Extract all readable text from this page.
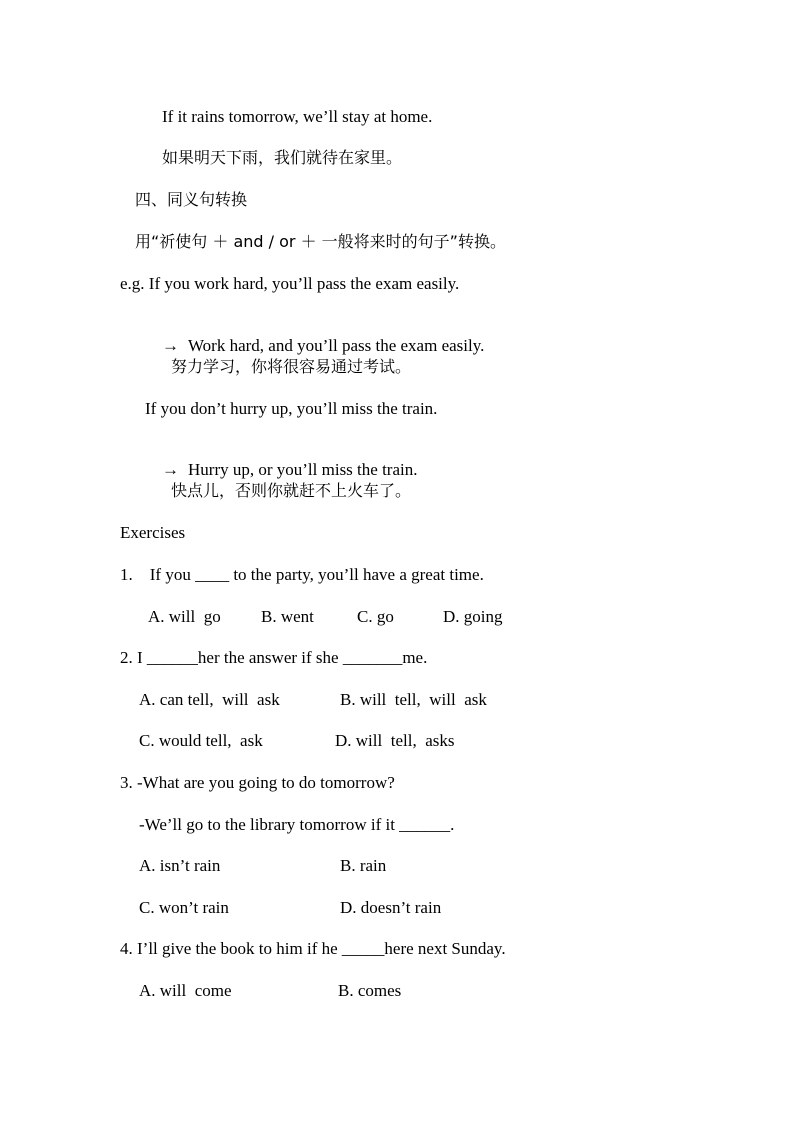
If it rains tomorrow, we’ll stay at home.
如果明天下雨，我们就待在家里。
四、同义句转换
用“祈使句 ＋ and / or ＋ 一般将来时的句子”转换。
e.g. If you work hard, you’ll pass the exam easily.

→ Work hard, and you’ll pass the exam easily.

努力学习，你将很容易通过考试。
If you don’t hurry up, you’ll miss the train.

→ Hurry up, or you’ll miss the train.

快点儿，否则你就赶不上火车了。
Exercises
1.    If you ____ to the party, you’ll have a great time.
A. will  go B. went	C. go	D. going
2. I ______her the answer if she _______me.
A. can tell,  will  ask	B. will  tell,  will  ask
C. would tell,  ask	D. will  tell,  asks
3. -What are you going to do tomorrow?
-We’ll go to the library tomorrow if it ______.
A. isn’t rain	B. rain
C. won’t rain	D. doesn’t rain
4. I’ll give the book to him if he _____here next Sunday.
A. will  come	B. comes
